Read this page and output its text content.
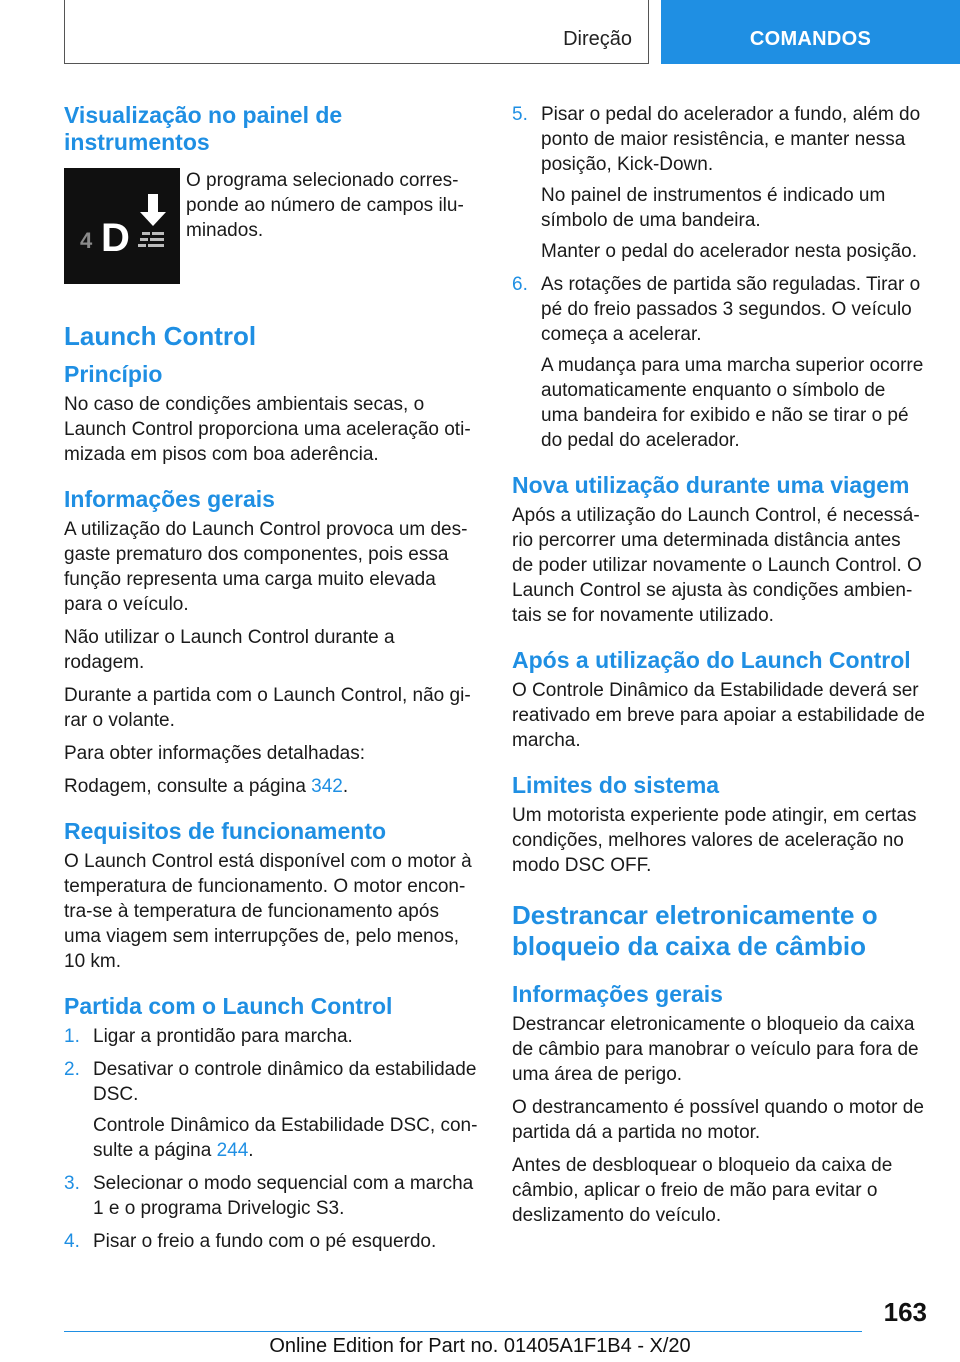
Direção	COMANDOS
Visualização no painel de instrumentos
4 D
O programa selecionado corresponde ao número de campos iluminados.
Launch Control
Princípio

No caso de condições ambientais secas, o Launch Control proporciona uma aceleração otimizada em pisos com boa aderência.

Informações gerais

A utilização do Launch Control provoca um desgaste prematuro dos componentes, pois essa função representa uma carga muito elevada para o veículo.

Não utilizar o Launch Control durante a rodagem.

Durante a partida com o Launch Control, não girar o volante.

Para obter informações detalhadas:

Rodagem, consulte a página 342.

Requisitos de funcionamento

O Launch Control está disponível com o motor à temperatura de funcionamento. O motor encontra-se à temperatura de funcionamento após uma viagem sem interrupções de, pelo menos, 10 km.

Partida com o Launch Control
1. Ligar a prontidão para marcha.
2. Desativar o controle dinâmico da estabilidade DSC.

Controle Dinâmico da Estabilidade DSC, consulte a página 244.

3. Selecionar o modo sequencial com a marcha 1 e o programa Drivelogic S3.
4. Pisar o freio a fundo com o pé esquerdo.
5. Pisar o pedal do acelerador a fundo, além do ponto de maior resistência, e manter nessa posição, Kick-Down.

No painel de instrumentos é indicado um símbolo de uma bandeira.

Manter o pedal do acelerador nesta posição.

6. As rotações de partida são reguladas. Tirar o pé do freio passados 3 segundos. O veículo começa a acelerar.

A mudança para uma marcha superior ocorre automaticamente enquanto o símbolo de uma bandeira for exibido e não se tirar o pé do pedal do acelerador.

Nova utilização durante uma viagem

Após a utilização do Launch Control, é necessário percorrer uma determinada distância antes de poder utilizar novamente o Launch Control. O Launch Control se ajusta às condições ambientais se for novamente utilizado.

Após a utilização do Launch Control

O Controle Dinâmico da Estabilidade deverá ser reativado em breve para apoiar a estabilidade de marcha.

Limites do sistema

Um motorista experiente pode atingir, em certas condições, melhores valores de aceleração no modo DSC OFF.

Destrancar eletronicamente o bloqueio da caixa de câmbio
Informações gerais

Destrancar eletronicamente o bloqueio da caixa de câmbio para manobrar o veículo para fora de uma área de perigo.

O destrancamento é possível quando o motor de partida dá a partida no motor.

Antes de desbloquear o bloqueio da caixa de câmbio, aplicar o freio de mão para evitar o deslizamento do veículo.

163
Online Edition for Part no. 01405A1F1B4 - X/20
